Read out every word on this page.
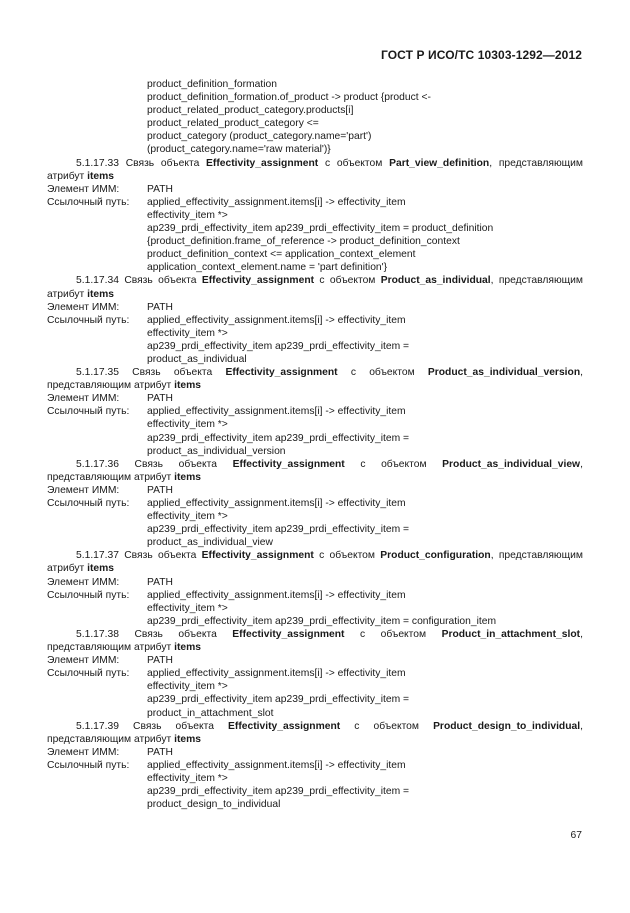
ГОСТ Р ИСО/ТС 10303-1292—2012
product_definition_formation
product_definition_formation.of_product -> product {product <-
product_related_product_category.products[i]
product_related_product_category <=
product_category (product_category.name='part')
(product_category.name='raw material')}
5.1.17.33 Связь объекта Effectivity_assignment с объектом Part_view_definition, представляющим атрибут items
Элемент ИММ:	PATH
Ссылочный путь:	applied_effectivity_assignment.items[i] -> effectivity_item
effectivity_item *>
ap239_prdi_effectivity_item ap239_prdi_effectivity_item = product_definition
{product_definition.frame_of_reference -> product_definition_context
product_definition_context <= application_context_element
application_context_element.name = 'part definition'}
5.1.17.34 Связь объекта Effectivity_assignment с объектом Product_as_individual, представляющим атрибут items
Элемент ИММ:	PATH
Ссылочный путь:	applied_effectivity_assignment.items[i] -> effectivity_item
effectivity_item *>
ap239_prdi_effectivity_item ap239_prdi_effectivity_item =
product_as_individual
5.1.17.35 Связь объекта Effectivity_assignment с объектом Product_as_individual_version, представляющим атрибут items
Элемент ИММ:	PATH
Ссылочный путь:	applied_effectivity_assignment.items[i] -> effectivity_item
effectivity_item *>
ap239_prdi_effectivity_item ap239_prdi_effectivity_item =
product_as_individual_version
5.1.17.36 Связь объекта Effectivity_assignment с объектом Product_as_individual_view, представляющим атрибут items
Элемент ИММ:	PATH
Ссылочный путь:	applied_effectivity_assignment.items[i] -> effectivity_item
effectivity_item *>
ap239_prdi_effectivity_item ap239_prdi_effectivity_item =
product_as_individual_view
5.1.17.37 Связь объекта Effectivity_assignment с объектом Product_configuration, представляющим атрибут items
Элемент ИММ:	PATH
Ссылочный путь:	applied_effectivity_assignment.items[i] -> effectivity_item
effectivity_item *>
ap239_prdi_effectivity_item ap239_prdi_effectivity_item = configuration_item
5.1.17.38 Связь объекта Effectivity_assignment с объектом Product_in_attachment_slot, представляющим атрибут items
Элемент ИММ:	PATH
Ссылочный путь:	applied_effectivity_assignment.items[i] -> effectivity_item
effectivity_item *>
ap239_prdi_effectivity_item ap239_prdi_effectivity_item =
product_in_attachment_slot
5.1.17.39 Связь объекта Effectivity_assignment с объектом Product_design_to_individual, представляющим атрибут items
Элемент ИММ:	PATH
Ссылочный путь:	applied_effectivity_assignment.items[i] -> effectivity_item
effectivity_item *>
ap239_prdi_effectivity_item ap239_prdi_effectivity_item =
product_design_to_individual
67
